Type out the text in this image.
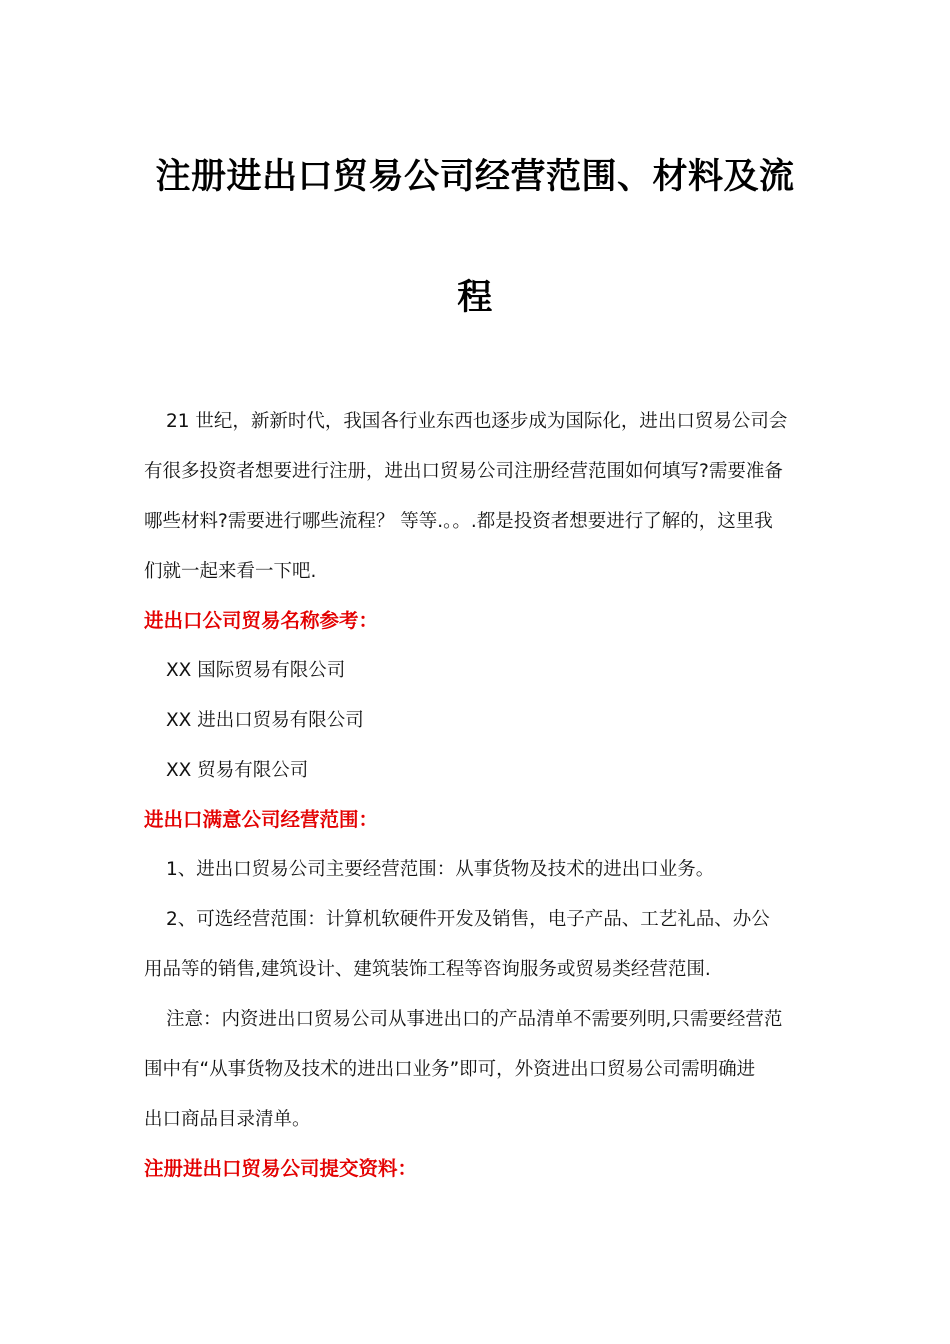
注册进出口贸易公司经营范围、材料及流
程

21 世纪，新新时代，我国各行业东西也逐步成为国际化，进出口贸易公司会

有很多投资者想要进行注册，进出口贸易公司注册经营范围如何填写?需要准备

哪些材料?需要进行哪些流程？ 等等.。。.都是投资者想要进行了解的，这里我

们就一起来看一下吧.

进出口公司贸易名称参考：

XX 国际贸易有限公司

XX 进出口贸易有限公司

XX 贸易有限公司

进出口满意公司经营范围：

1、进出口贸易公司主要经营范围：从事货物及技术的进出口业务。

2、可选经营范围：计算机软硬件开发及销售，电子产品、工艺礼品、办公

用品等的销售,建筑设计、建筑装饰工程等咨询服务或贸易类经营范围.

注意：内资进出口贸易公司从事进出口的产品清单不需要列明,只需要经营范

围中有“从事货物及技术的进出口业务”即可，外资进出口贸易公司需明确进

出口商品目录清单。

注册进出口贸易公司提交资料：
